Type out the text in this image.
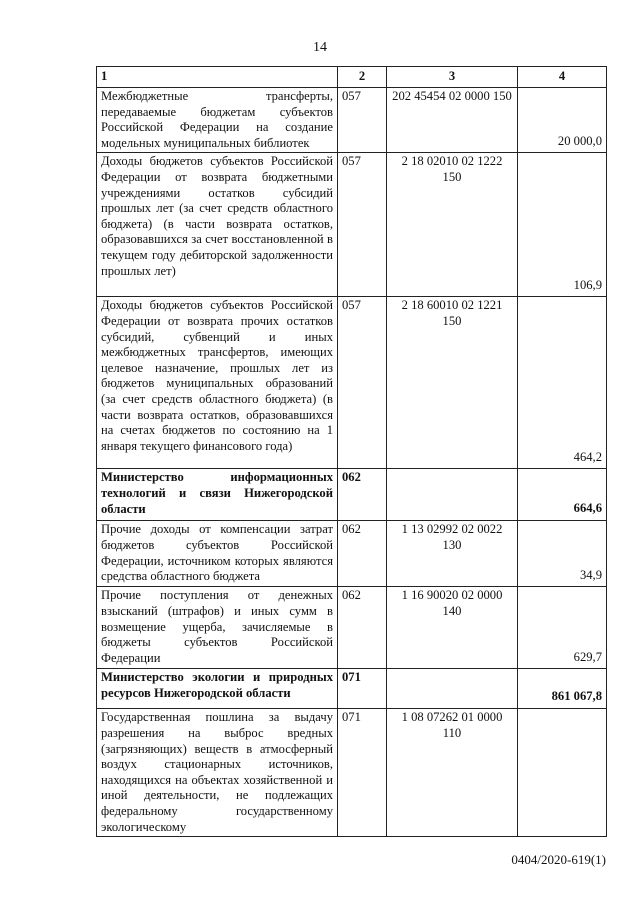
14
1	2	3	4
Межбюджетные трансферты, передаваемые бюджетам субъектов Российской Федерации на создание модельных муниципальных библиотек	057	202 45454 02 0000 150	20 000,0
Доходы бюджетов субъектов Российской Федерации от возврата бюджетными учреждениями остатков субсидий прошлых лет (за счет средств областного бюджета) (в части возврата остатков, образовавшихся за счет восстановленной в текущем году дебиторской задолженности прошлых лет)	057	2 18 02010 02 1222 150	106,9
Доходы бюджетов субъектов Российской Федерации от возврата прочих остатков субсидий, субвенций и иных межбюджетных трансфертов, имеющих целевое назначение, прошлых лет из бюджетов муниципальных образований (за счет средств областного бюджета) (в части возврата остатков, образовавшихся на счетах бюджетов по состоянию на 1 января текущего финансового года)	057	2 18 60010 02 1221 150	464,2
Министерство информационных технологий и связи Нижегородской области	062		664,6
Прочие доходы от компенсации затрат бюджетов субъектов Российской Федерации, источником которых являются средства областного бюджета	062	1 13 02992 02 0022 130	34,9
Прочие поступления от денежных взысканий (штрафов) и иных сумм в возмещение ущерба, зачисляемые в бюджеты субъектов Российской Федерации	062	1 16 90020 02 0000 140	629,7
Министерство экологии и природных ресурсов Нижегородской области	071		861 067,8
Государственная пошлина за выдачу разрешения на выброс вредных (загрязняющих) веществ в атмосферный воздух стационарных источников, находящихся на объектах хозяйственной и иной деятельности, не подлежащих федеральному государственному экологическому	071	1 08 07262 01 0000 110	
0404/2020-619(1)
